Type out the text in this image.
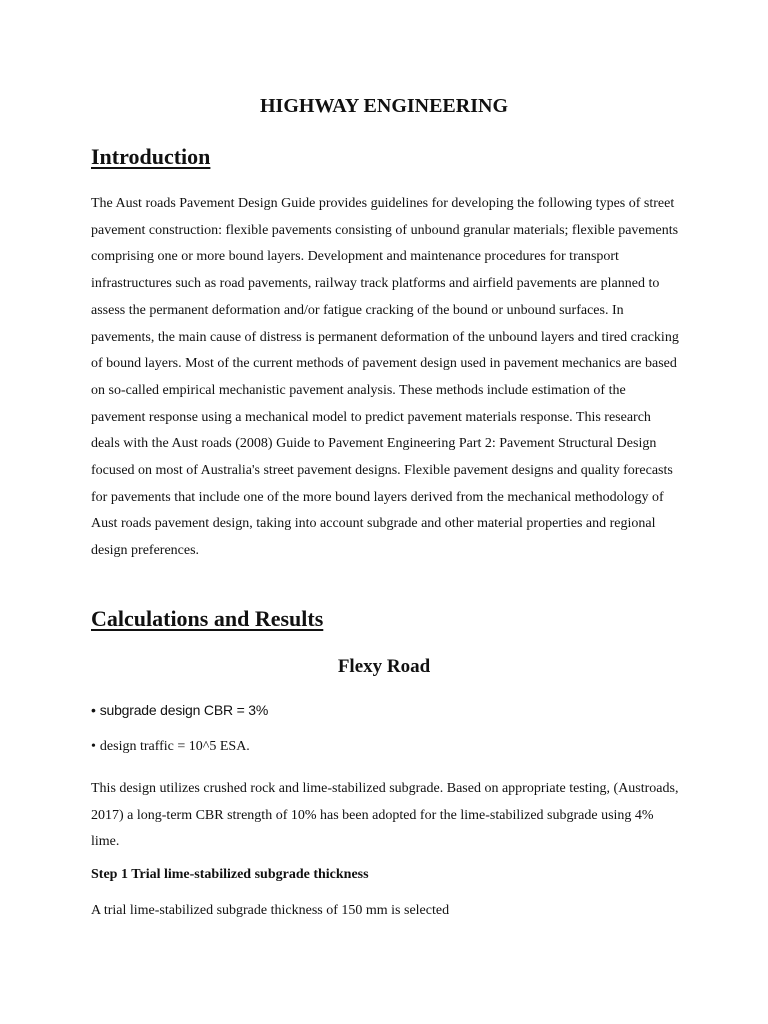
HIGHWAY ENGINEERING
Introduction

The Aust roads Pavement Design Guide provides guidelines for developing the following types of street pavement construction: flexible pavements consisting of unbound granular materials; flexible pavements comprising one or more bound layers. Development and maintenance procedures for transport infrastructures such as road pavements, railway track platforms and airfield pavements are planned to assess the permanent deformation and/or fatigue cracking of the bound or unbound surfaces. In pavements, the main cause of distress is permanent deformation of the unbound layers and tired cracking of bound layers. Most of the current methods of pavement design used in pavement mechanics are based on so-called empirical mechanistic pavement analysis. These methods include estimation of the pavement response using a mechanical model to predict pavement materials response. This research deals with the Aust roads (2008) Guide to Pavement Engineering Part 2: Pavement Structural Design focused on most of Australia's street pavement designs. Flexible pavement designs and quality forecasts for pavements that include one of the more bound layers derived from the mechanical methodology of Aust roads pavement design, taking into account subgrade and other material properties and regional design preferences.

Calculations and Results
Flexy Road

• subgrade design CBR = 3%

• design traffic = 10^5 ESA.

This design utilizes crushed rock and lime-stabilized subgrade. Based on appropriate testing, (Austroads, 2017) a long-term CBR strength of 10% has been adopted for the lime-stabilized subgrade using 4% lime.

Step 1 Trial lime-stabilized subgrade thickness

A trial lime-stabilized subgrade thickness of 150 mm is selected
